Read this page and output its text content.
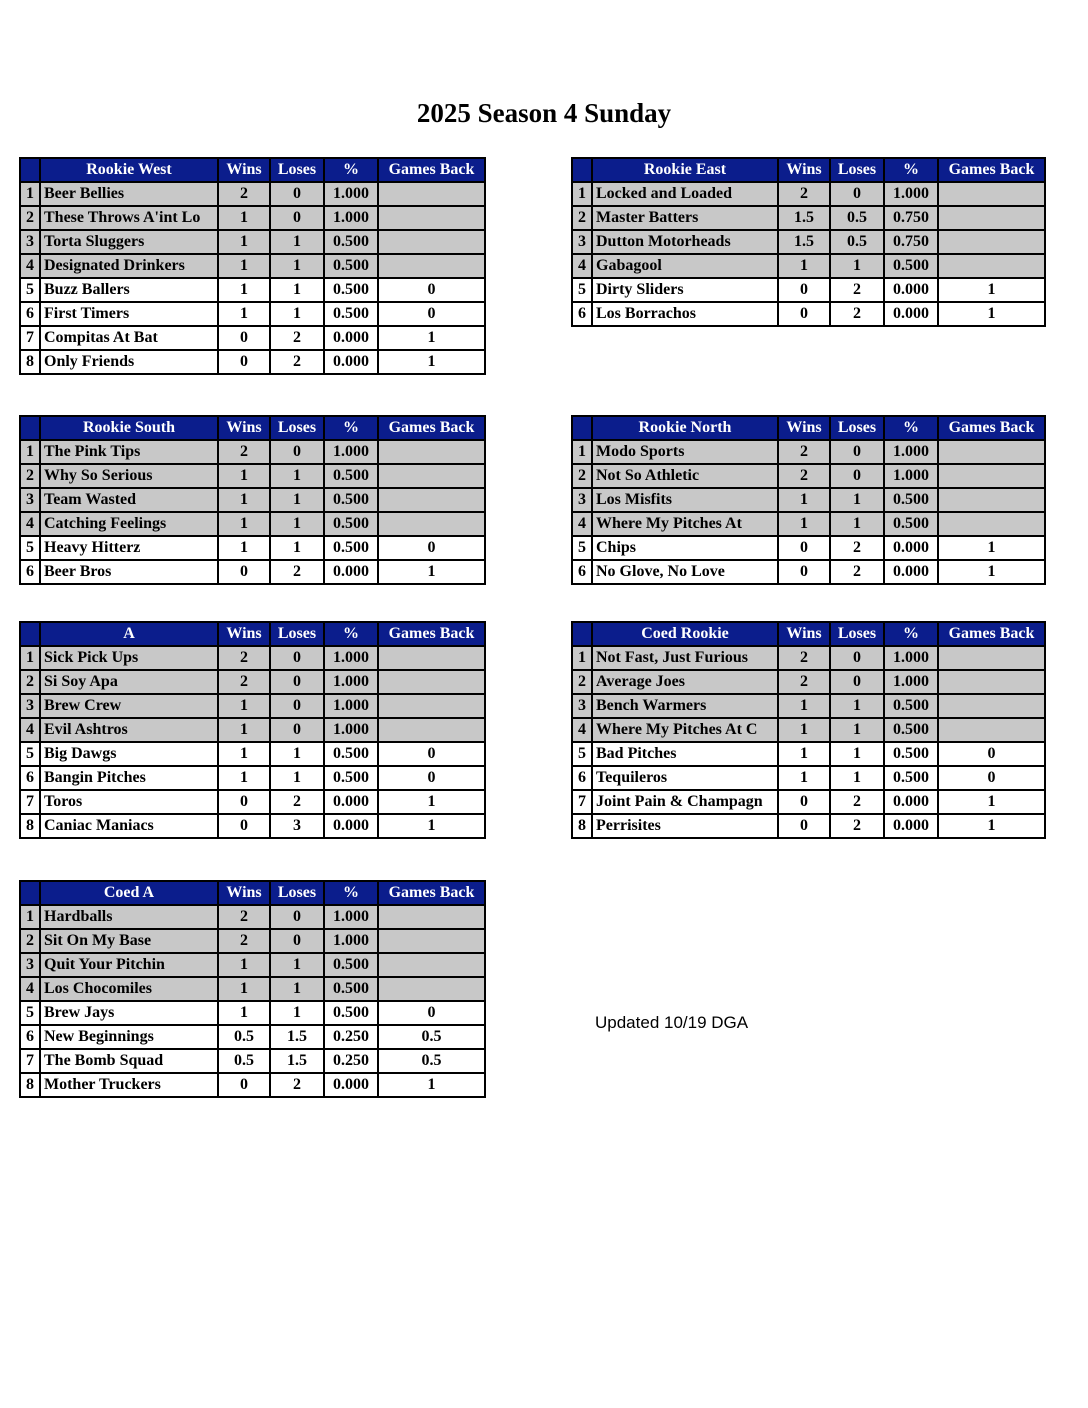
2025 Season 4 Sunday
	Rookie West	Wins	Loses	%	Games Back
1	Beer Bellies	2	0	1.000	
2	These Throws A'int Lo	1	0	1.000	
3	Torta Sluggers	1	1	0.500	
4	Designated Drinkers	1	1	0.500	
5	Buzz Ballers	1	1	0.500	0
6	First Timers	1	1	0.500	0
7	Compitas At Bat	0	2	0.000	1
8	Only Friends	0	2	0.000	1
	Rookie East	Wins	Loses	%	Games Back
1	Locked and Loaded	2	0	1.000	
2	Master Batters	1.5	0.5	0.750	
3	Dutton Motorheads	1.5	0.5	0.750	
4	Gabagool	1	1	0.500	
5	Dirty Sliders	0	2	0.000	1
6	Los Borrachos	0	2	0.000	1
	Rookie South	Wins	Loses	%	Games Back
1	The Pink Tips	2	0	1.000	
2	Why So Serious	1	1	0.500	
3	Team Wasted	1	1	0.500	
4	Catching Feelings	1	1	0.500	
5	Heavy Hitterz	1	1	0.500	0
6	Beer Bros	0	2	0.000	1
	Rookie North	Wins	Loses	%	Games Back
1	Modo Sports	2	0	1.000	
2	Not So Athletic	2	0	1.000	
3	Los Misfits	1	1	0.500	
4	Where My Pitches At	1	1	0.500	
5	Chips	0	2	0.000	1
6	No Glove, No Love	0	2	0.000	1
	A	Wins	Loses	%	Games Back
1	Sick Pick Ups	2	0	1.000	
2	Si Soy Apa	2	0	1.000	
3	Brew Crew	1	0	1.000	
4	Evil Ashtros	1	0	1.000	
5	Big Dawgs	1	1	0.500	0
6	Bangin Pitches	1	1	0.500	0
7	Toros	0	2	0.000	1
8	Caniac Maniacs	0	3	0.000	1
	Coed Rookie	Wins	Loses	%	Games Back
1	Not Fast, Just Furious	2	0	1.000	
2	Average Joes	2	0	1.000	
3	Bench Warmers	1	1	0.500	
4	Where My Pitches At C	1	1	0.500	
5	Bad Pitches	1	1	0.500	0
6	Tequileros	1	1	0.500	0
7	Joint Pain & Champagn	0	2	0.000	1
8	Perrisites	0	2	0.000	1
	Coed A	Wins	Loses	%	Games Back
1	Hardballs	2	0	1.000	
2	Sit On My Base	2	0	1.000	
3	Quit Your Pitchin	1	1	0.500	
4	Los Chocomiles	1	1	0.500	
5	Brew Jays	1	1	0.500	0
6	New Beginnings	0.5	1.5	0.250	0.5
7	The Bomb Squad	0.5	1.5	0.250	0.5
8	Mother Truckers	0	2	0.000	1
Updated 10/19 DGA
